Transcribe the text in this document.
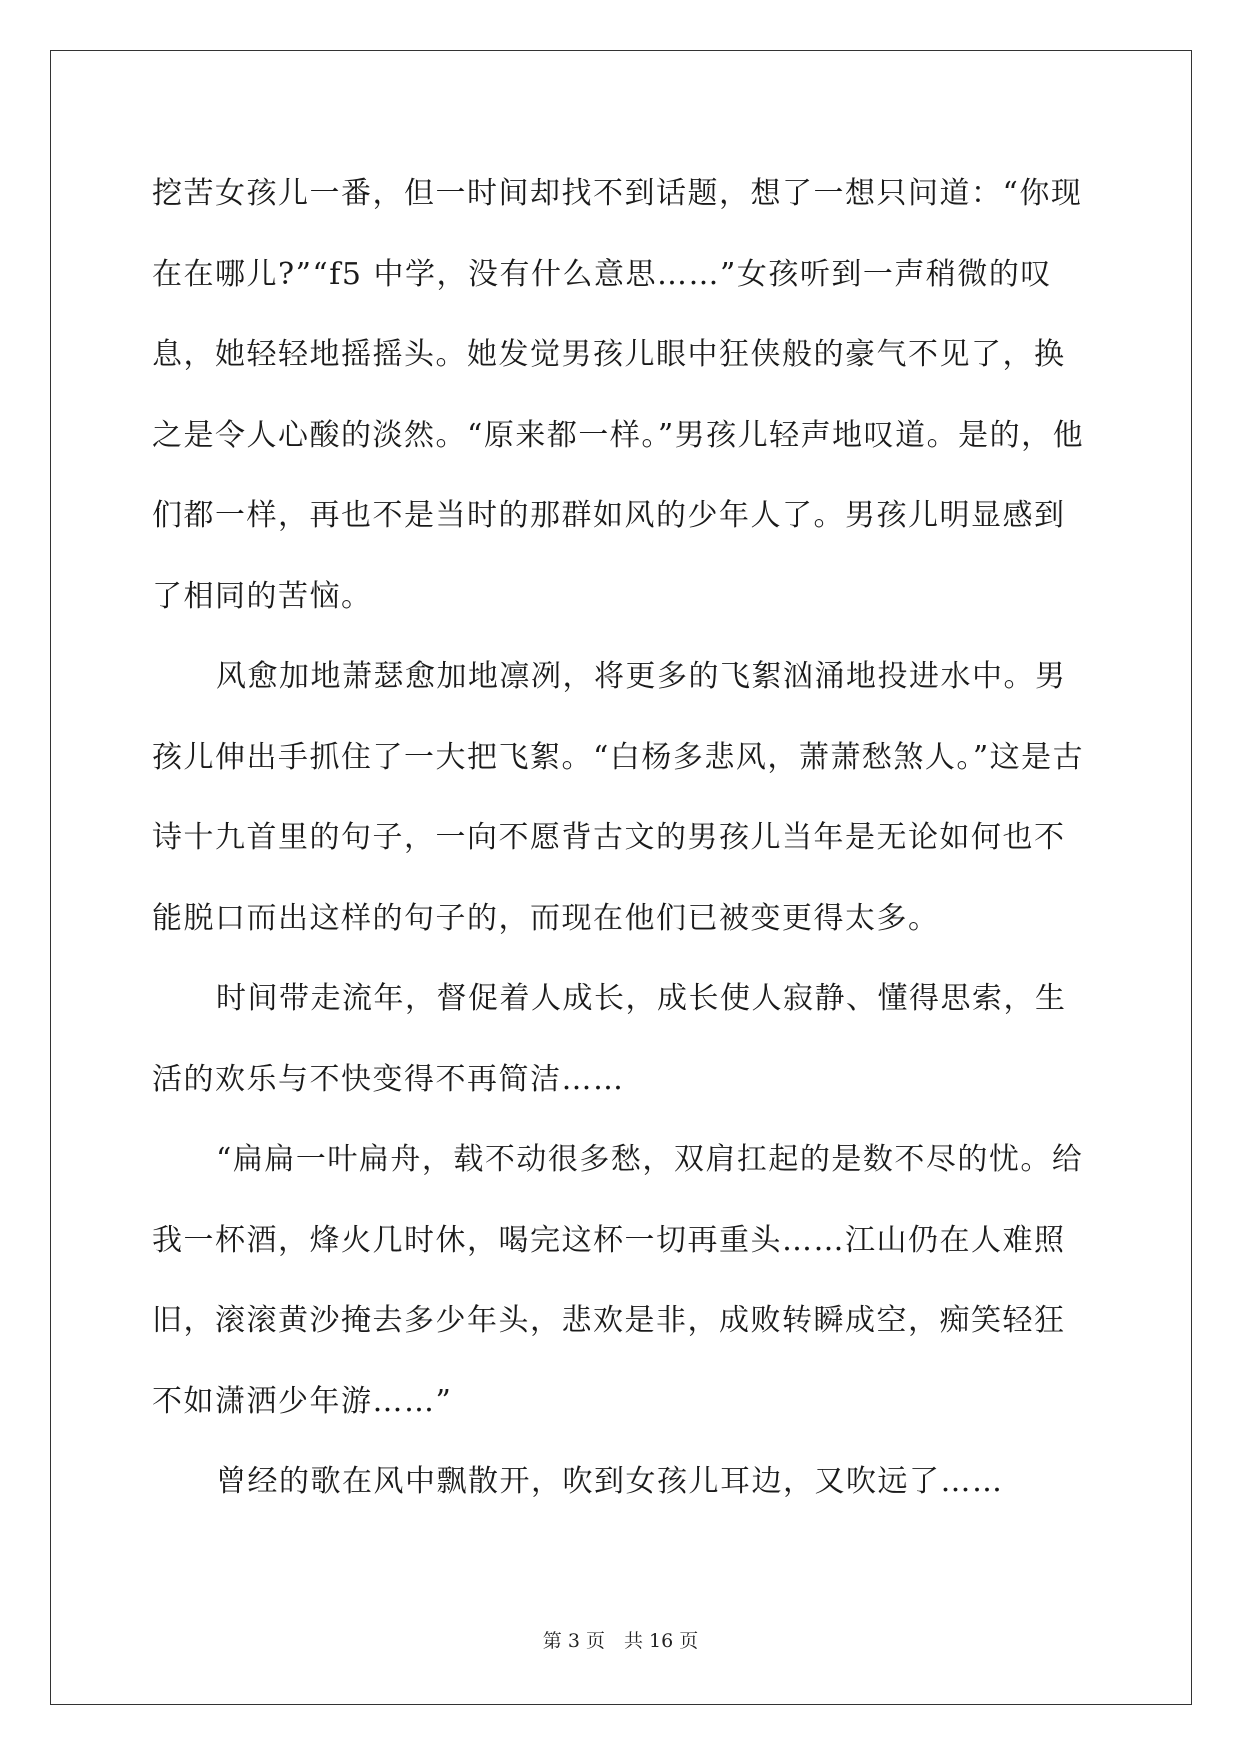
挖苦女孩儿一番，但一时间却找不到话题，想了一想只问道：“你现在在哪儿?”“f5 中学，没有什么意思……”女孩听到一声稍微的叹息，她轻轻地摇摇头。她发觉男孩儿眼中狂侠般的豪气不见了，换之是令人心酸的淡然。“原来都一样。”男孩儿轻声地叹道。是的，他们都一样，再也不是当时的那群如风的少年人了。男孩儿明显感到了相同的苦恼。

风愈加地萧瑟愈加地凛冽，将更多的飞絮汹涌地投进水中。男孩儿伸出手抓住了一大把飞絮。“白杨多悲风，萧萧愁煞人。”这是古诗十九首里的句子，一向不愿背古文的男孩儿当年是无论如何也不能脱口而出这样的句子的，而现在他们已被变更得太多。

时间带走流年，督促着人成长，成长使人寂静、懂得思索，生活的欢乐与不快变得不再简洁……

“扁扁一叶扁舟，载不动很多愁，双肩扛起的是数不尽的忧。给我一杯酒，烽火几时休，喝完这杯一切再重头……江山仍在人难照旧，滚滚黄沙掩去多少年头，悲欢是非，成败转瞬成空，痴笑轻狂不如潇洒少年游……”

曾经的歌在风中飘散开，吹到女孩儿耳边，又吹远了……

第 3 页　共 16 页
